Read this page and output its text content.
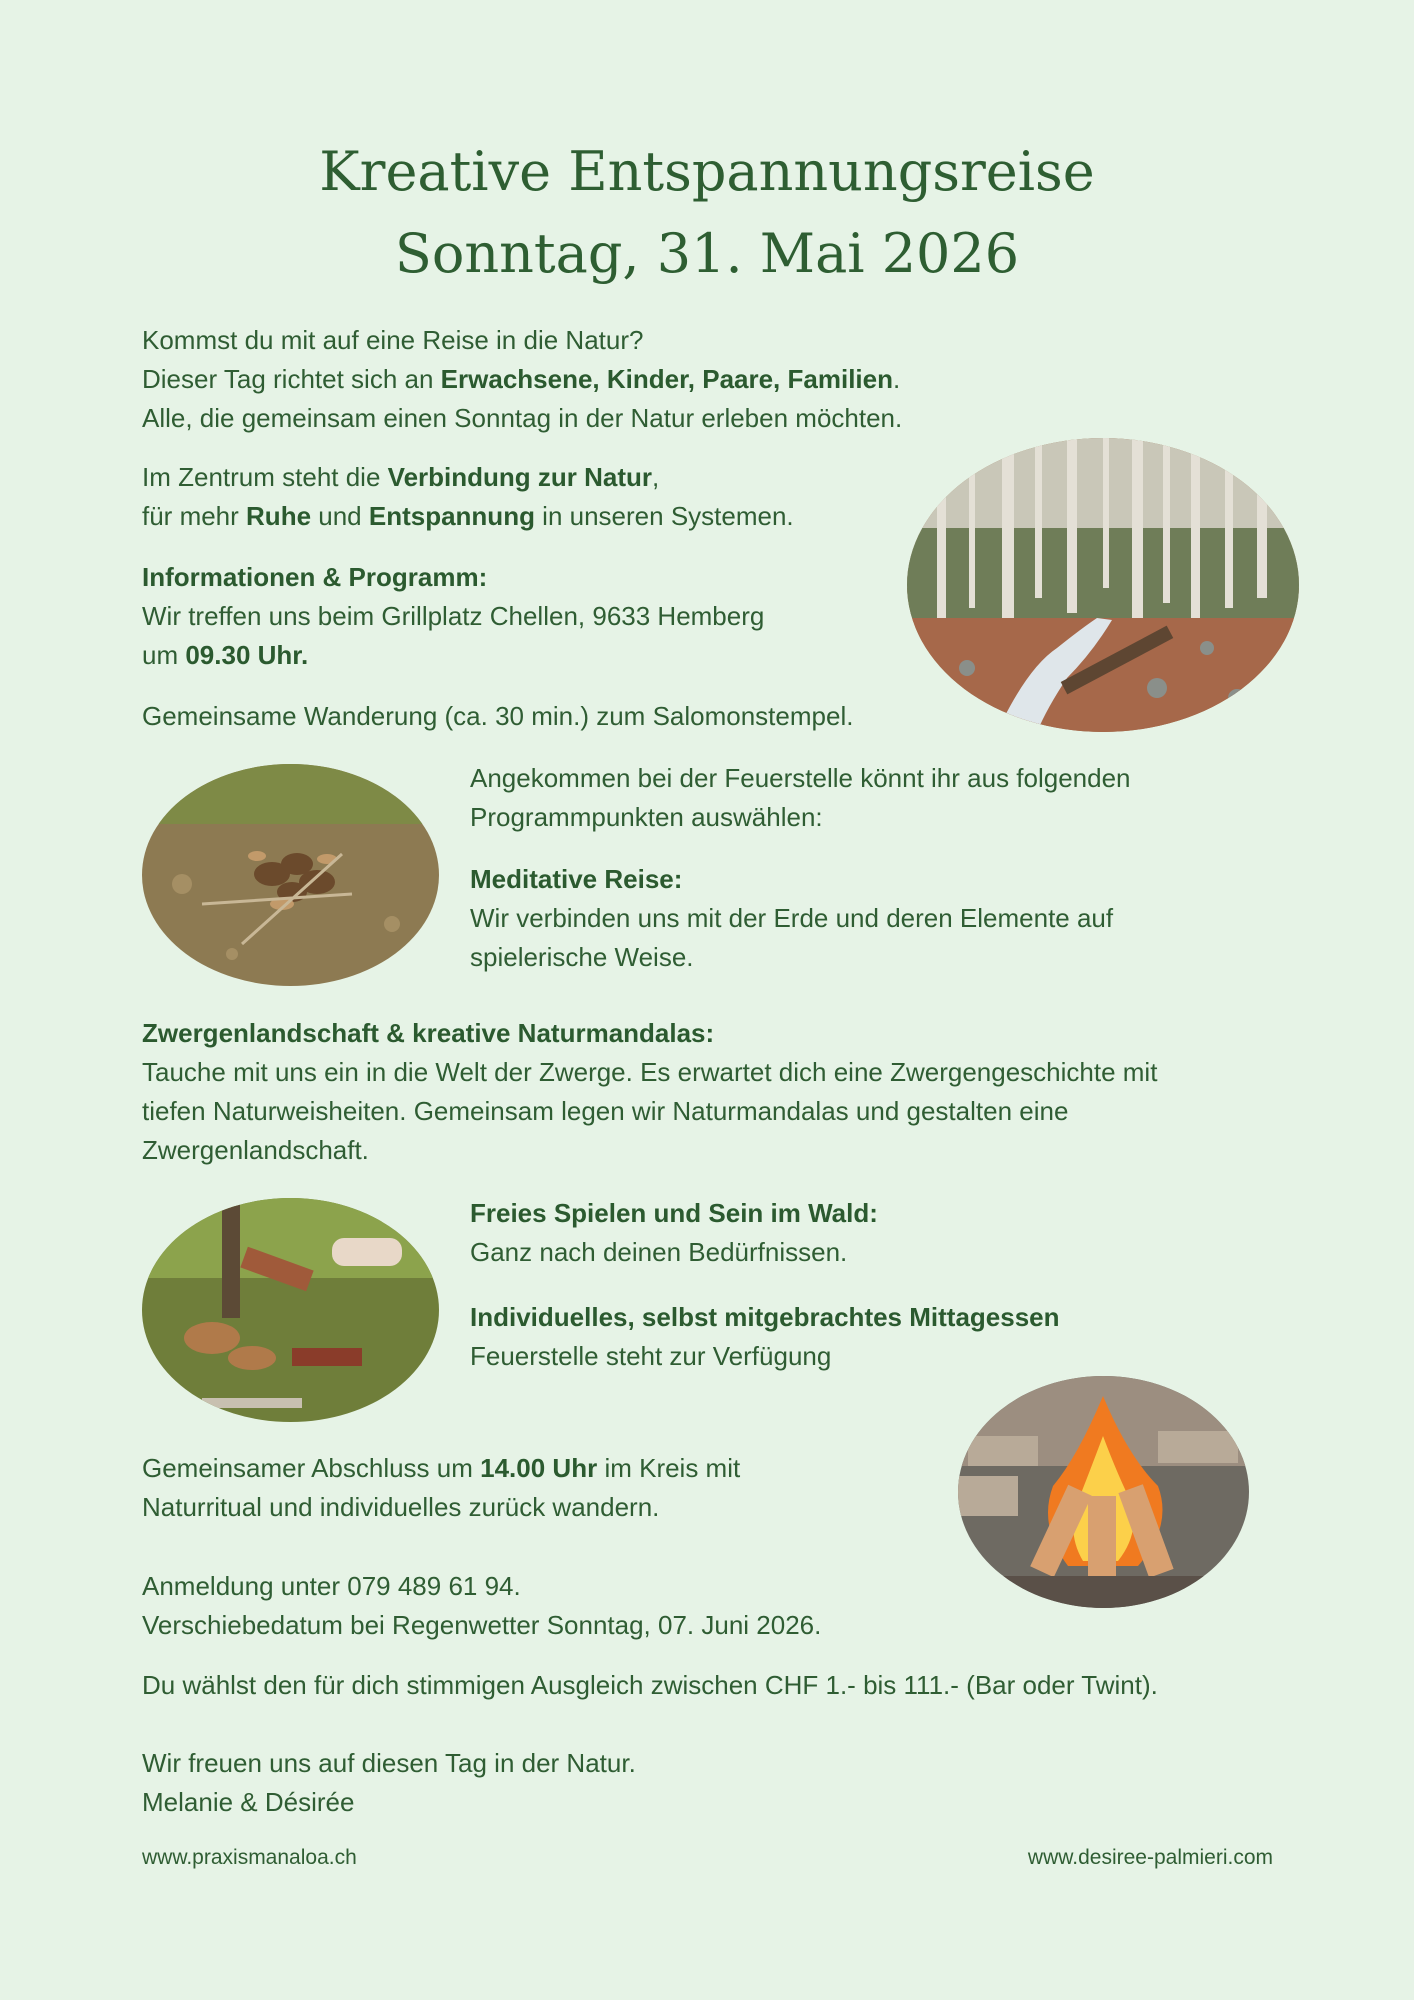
Kreative Entspannungsreise
Sonntag, 31. Mai 2026

Kommst du mit auf eine Reise in die Natur?

Dieser Tag richtet sich an Erwachsene, Kinder, Paare, Familien.

Alle, die gemeinsam einen Sonntag in der Natur erleben möchten.

Im Zentrum steht die Verbindung zur Natur,

für mehr Ruhe und Entspannung in unseren Systemen.

Informationen & Programm:

Wir treffen uns beim Grillplatz Chellen, 9633 Hemberg

um 09.30 Uhr.

Gemeinsame Wanderung (ca. 30 min.) zum Salomonstempel.

Angekommen bei der Feuerstelle könnt ihr aus folgenden

Programmpunkten auswählen:

Meditative Reise:

Wir verbinden uns mit der Erde und deren Elemente auf

spielerische Weise.

Zwergenlandschaft & kreative Naturmandalas:

Tauche mit uns ein in die Welt der Zwerge. Es erwartet dich eine Zwergengeschichte mit

tiefen Naturweisheiten. Gemeinsam legen wir Naturmandalas und gestalten eine

Zwergenlandschaft.

Freies Spielen und Sein im Wald:

Ganz nach deinen Bedürfnissen.

Individuelles, selbst mitgebrachtes Mittagessen

Feuerstelle steht zur Verfügung

Gemeinsamer Abschluss um 14.00 Uhr im Kreis mit

Naturritual und individuelles zurück wandern.

Anmeldung unter 079 489 61 94.

Verschiebedatum bei Regenwetter Sonntag, 07. Juni 2026.

Du wählst den für dich stimmigen Ausgleich zwischen CHF 1.- bis 111.- (Bar oder Twint).

Wir freuen uns auf diesen Tag in der Natur.

Melanie & Désirée

www.praxismanaloa.ch	www.desiree-palmieri.com
